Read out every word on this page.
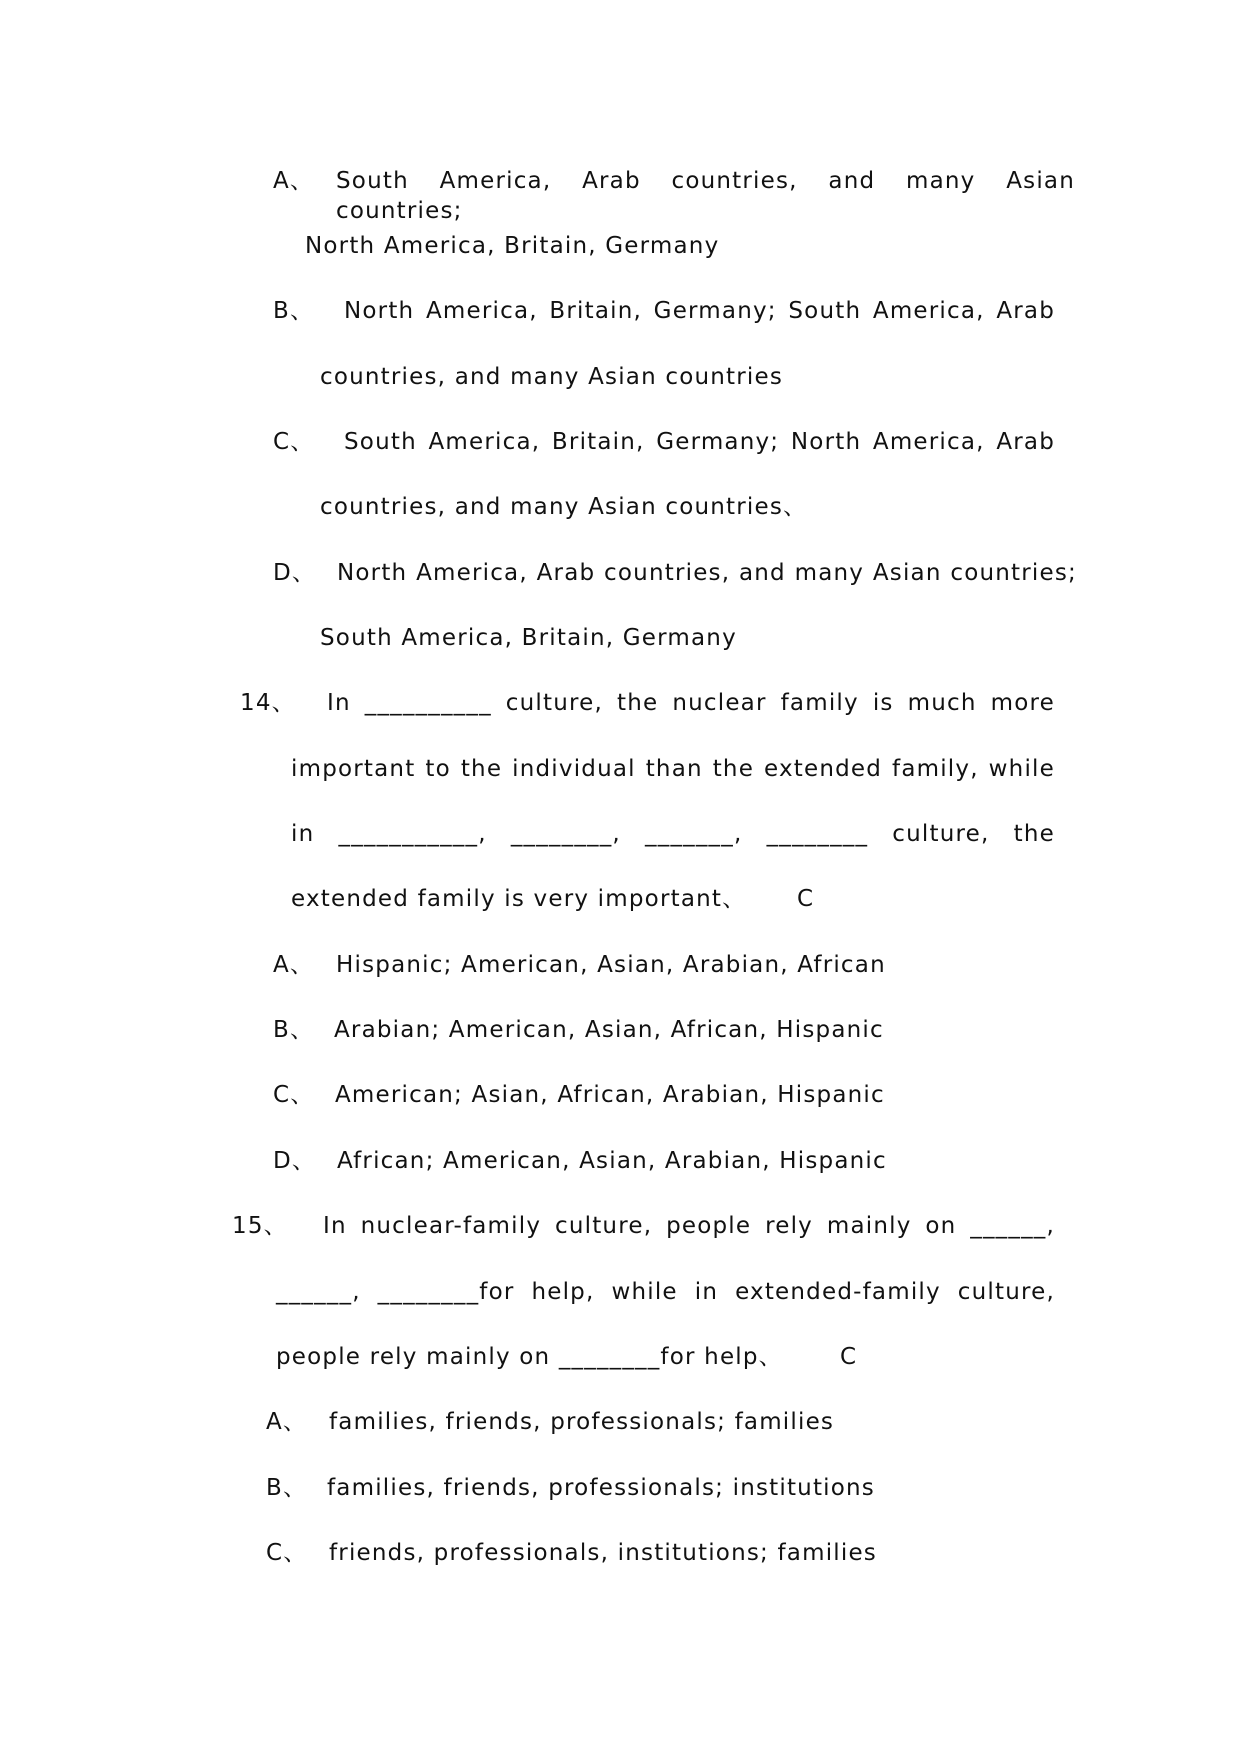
A、 South America, Arab countries, and many Asian countries;
North America, Britain, Germany
B、 North America, Britain, Germany; South America, Arab
countries, and many Asian countries
C、 South America, Britain, Germany; North America, Arab
countries, and many Asian countries、
D、 North America, Arab countries, and many Asian countries;
South America, Britain, Germany
14、 In __________ culture, the nuclear family is much more
important to the individual than the extended family, while
in ___________, ________, _______, ________ culture, the
extended family is very important、 C
A、 Hispanic; American, Asian, Arabian, African
B、 Arabian; American, Asian, African, Hispanic
C、 American; Asian, African, Arabian, Hispanic
D、 African; American, Asian, Arabian, Hispanic
15、 In nuclear-family culture, people rely mainly on ______,
______, ________for help, while in extended-family culture,
people rely mainly on ________for help、 C
A、 families, friends, professionals; families
B、 families, friends, professionals; institutions
C、 friends, professionals, institutions; families
